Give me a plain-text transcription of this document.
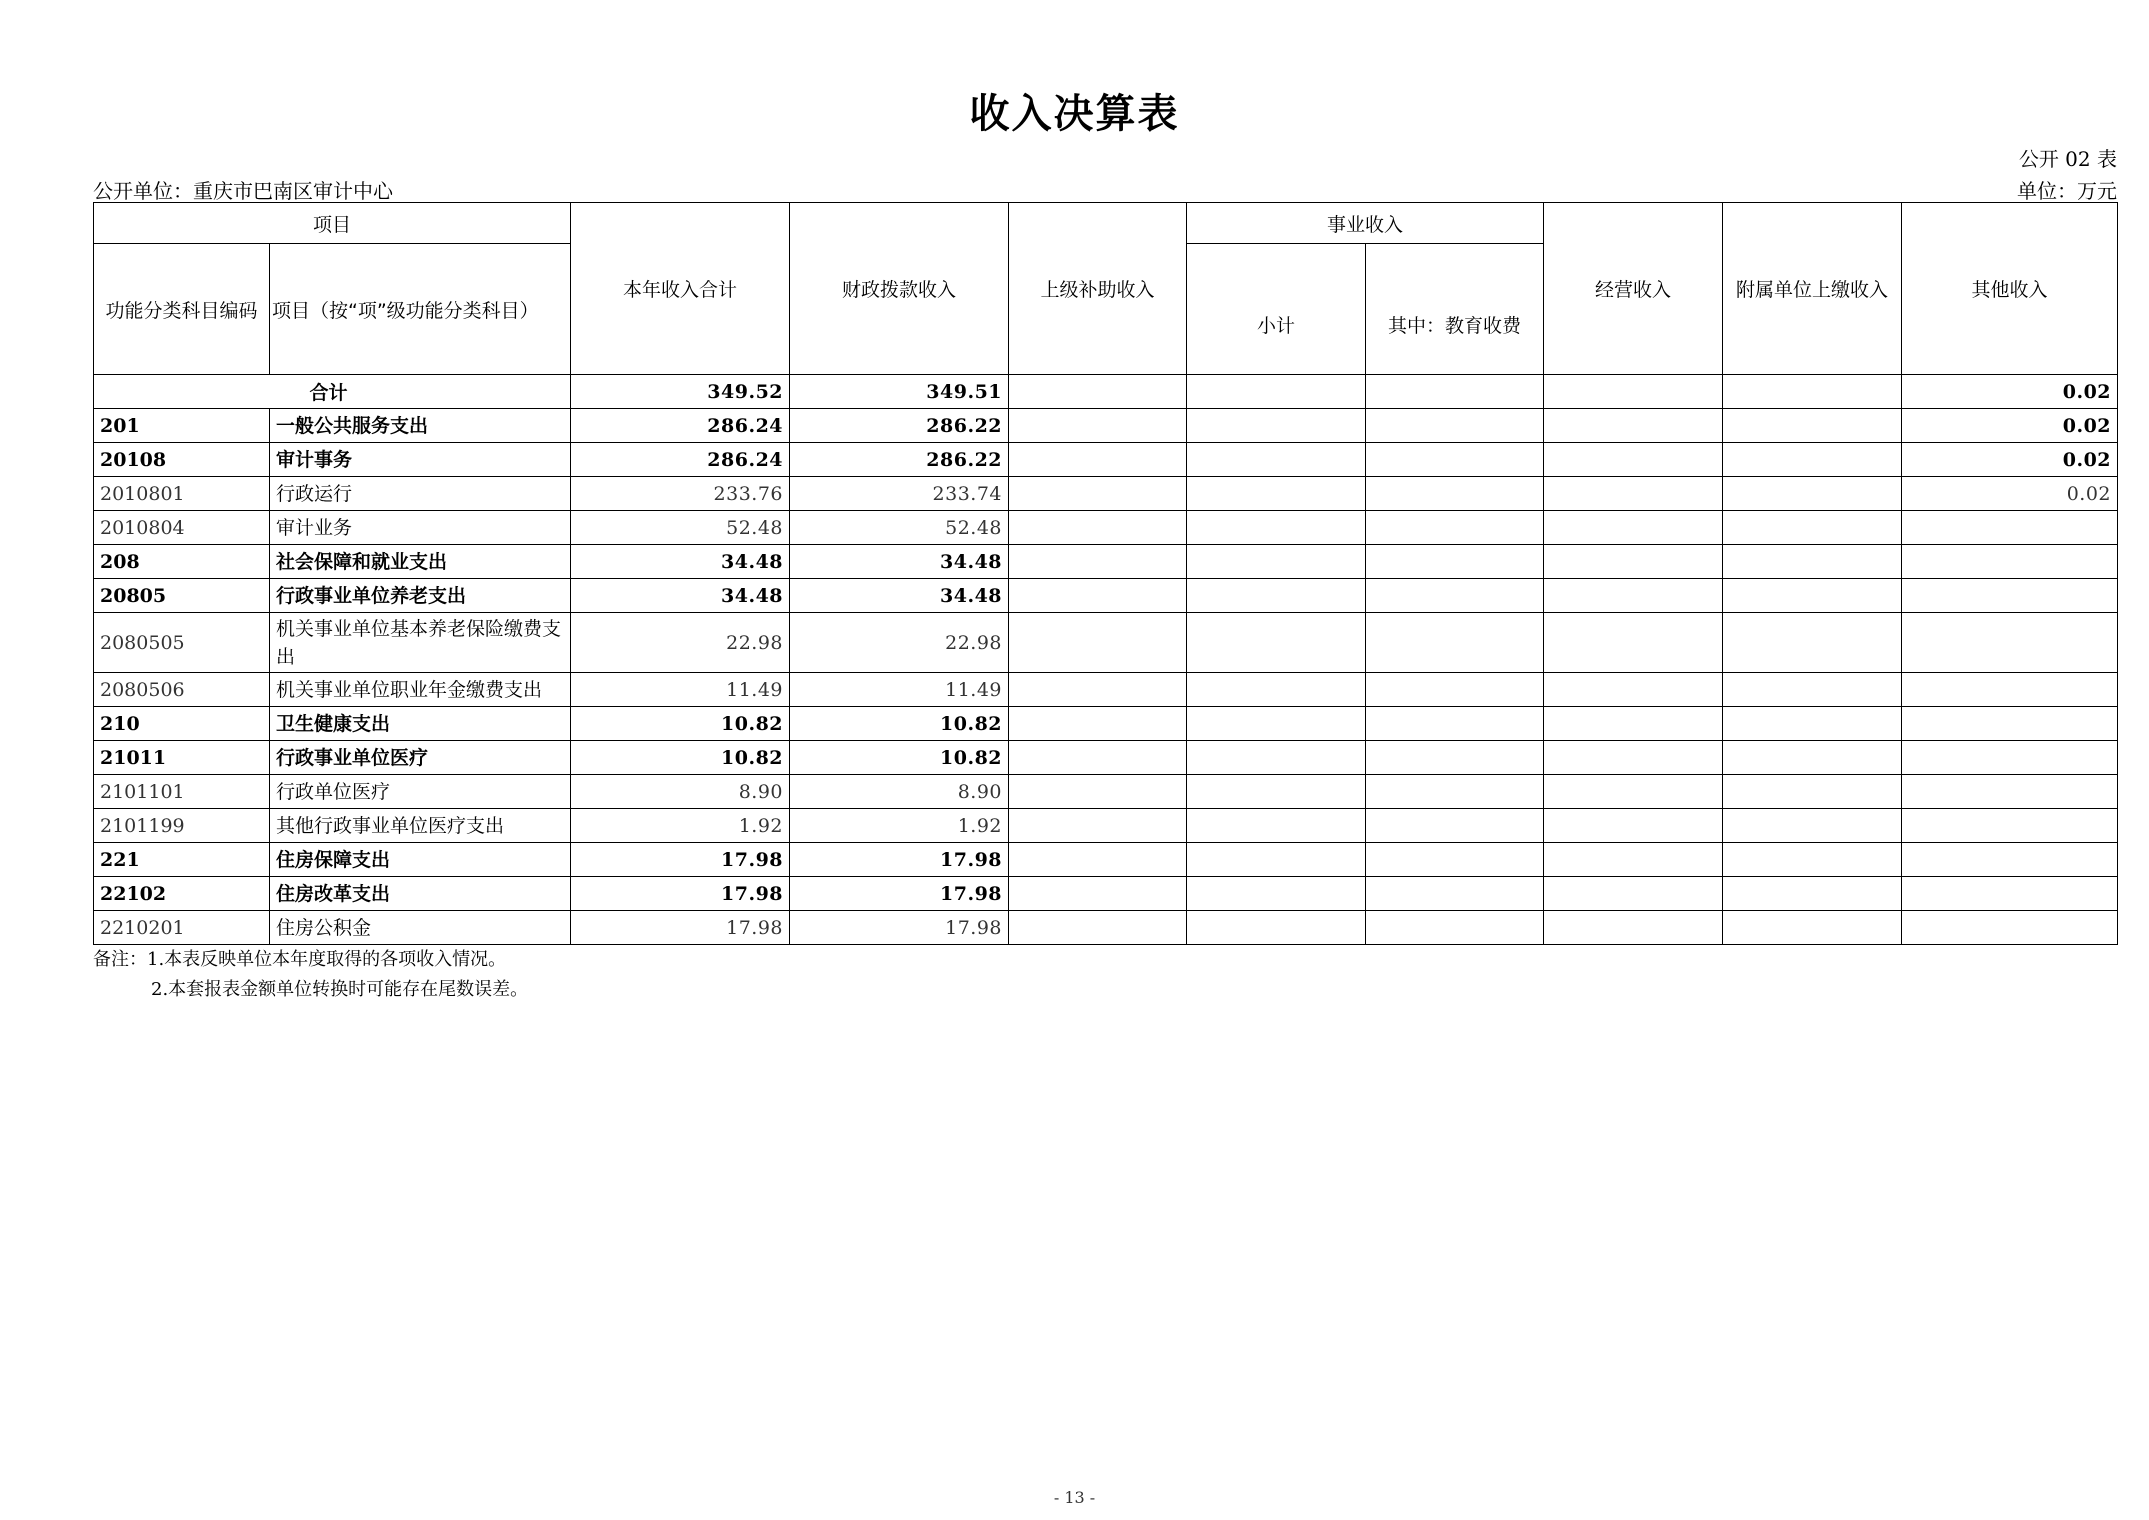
收入决算表
公开 02 表
公开单位：重庆市巴南区审计中心	单位：万元
项目		本年收入合计	财政拨款收入	上级补助收入	事业收入		经营收入	附属单位上缴收入	其他收入
功能分类科目编码	项目（按“项”级功能分类科目）				小计	其中：教育收费			
	合计	349.52	349.51						0.02
201	一般公共服务支出	286.24	286.22						0.02
20108	审计事务	286.24	286.22						0.02
2010801	行政运行	233.76	233.74						0.02
2010804	审计业务	52.48	52.48						
208	社会保障和就业支出	34.48	34.48						
20805	行政事业单位养老支出	34.48	34.48						
2080505	机关事业单位基本养老保险缴费支出	22.98	22.98						
2080506	机关事业单位职业年金缴费支出	11.49	11.49						
210	卫生健康支出	10.82	10.82						
21011	行政事业单位医疗	10.82	10.82						
2101101	行政单位医疗	8.90	8.90						
2101199	其他行政事业单位医疗支出	1.92	1.92						
221	住房保障支出	17.98	17.98						
22102	住房改革支出	17.98	17.98						
2210201	住房公积金	17.98	17.98						
备注：1.本表反映单位本年度取得的各项收入情况。
2.本套报表金额单位转换时可能存在尾数误差。
- 13 -
